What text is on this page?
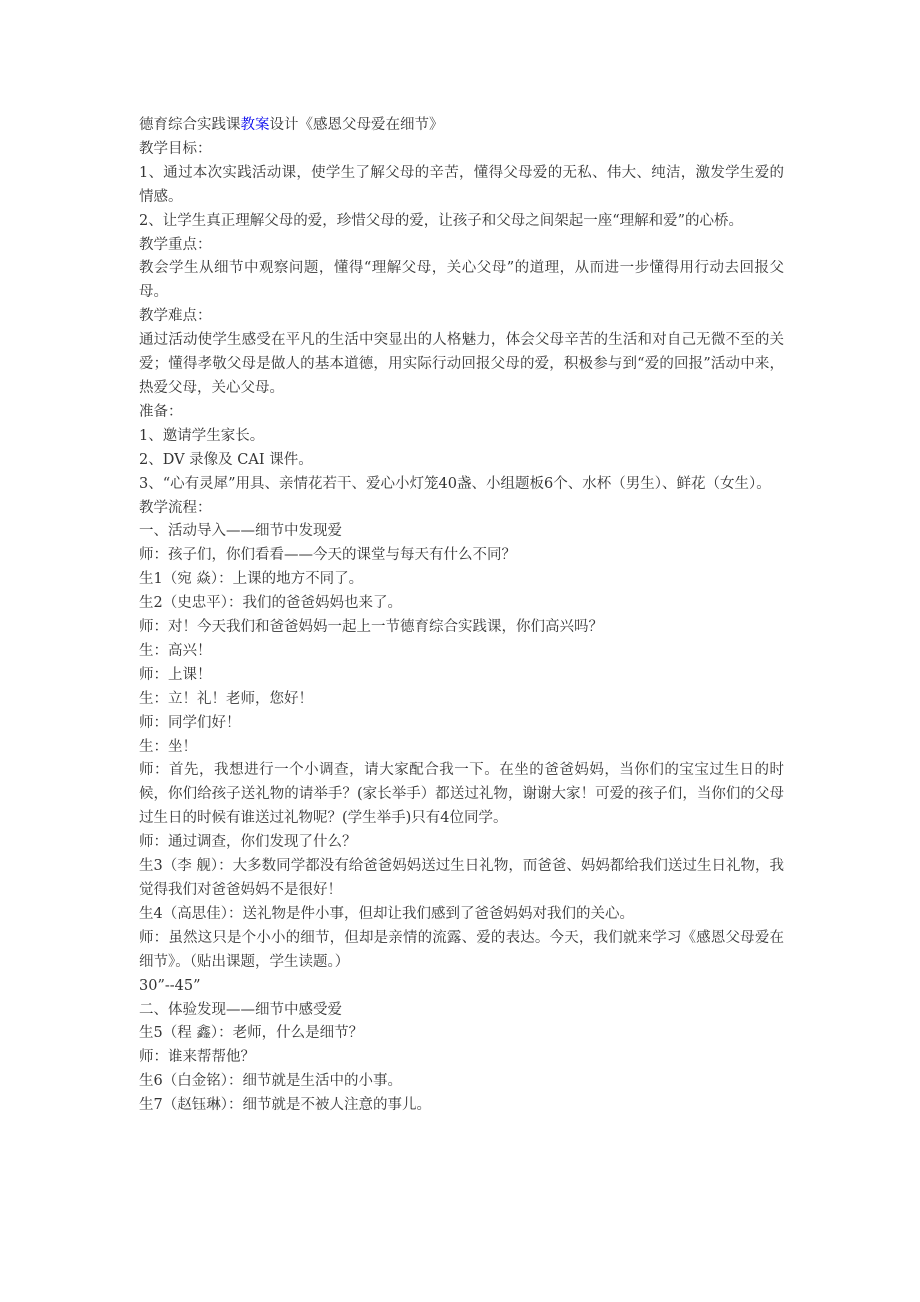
德育综合实践课教案设计《感恩父母爱在细节》

教学目标：

1、通过本次实践活动课，使学生了解父母的辛苦，懂得父母爱的无私、伟大、纯洁，激发学生爱的情感。

2、让学生真正理解父母的爱，珍惜父母的爱，让孩子和父母之间架起一座“理解和爱”的心桥。

教学重点：

教会学生从细节中观察问题，懂得“理解父母，关心父母”的道理，从而进一步懂得用行动去回报父母。

教学难点：

通过活动使学生感受在平凡的生活中突显出的人格魅力，体会父母辛苦的生活和对自己无微不至的关爱；懂得孝敬父母是做人的基本道德，用实际行动回报父母的爱，积极参与到“爱的回报”活动中来，热爱父母，关心父母。

准备：

1、邀请学生家长。

2、DV 录像及 CAI 课件。

3、“心有灵犀”用具、亲情花若干、爱心小灯笼40盏、小组题板6个、水杯（男生）、鲜花（女生）。

教学流程：

一、活动导入——细节中发现爱

师：孩子们，你们看看——今天的课堂与每天有什么不同？

生1（宛 焱）：上课的地方不同了。

生2（史忠平）：我们的爸爸妈妈也来了。

师：对！今天我们和爸爸妈妈一起上一节德育综合实践课，你们高兴吗？

生：高兴！

师：上课！

生：立！礼！老师，您好！

师：同学们好！

生：坐！

师：首先，我想进行一个小调查，请大家配合我一下。在坐的爸爸妈妈，当你们的宝宝过生日的时候，你们给孩子送礼物的请举手？(家长举手）都送过礼物，谢谢大家！可爱的孩子们，当你们的父母过生日的时候有谁送过礼物呢？(学生举手)只有4位同学。

师：通过调查，你们发现了什么？

生3（李 舰）：大多数同学都没有给爸爸妈妈送过生日礼物，而爸爸、妈妈都给我们送过生日礼物，我觉得我们对爸爸妈妈不是很好！

生4（高思佳）：送礼物是件小事，但却让我们感到了爸爸妈妈对我们的关心。

师：虽然这只是个小小的细节，但却是亲情的流露、爱的表达。今天，我们就来学习《感恩父母爱在细节》。（贴出课题，学生读题。）

30”--45”

二、体验发现——细节中感受爱

生5（程 鑫）：老师，什么是细节？

师：谁来帮帮他？

生6（白金铭）：细节就是生活中的小事。

生7（赵钰琳）：细节就是不被人注意的事儿。
